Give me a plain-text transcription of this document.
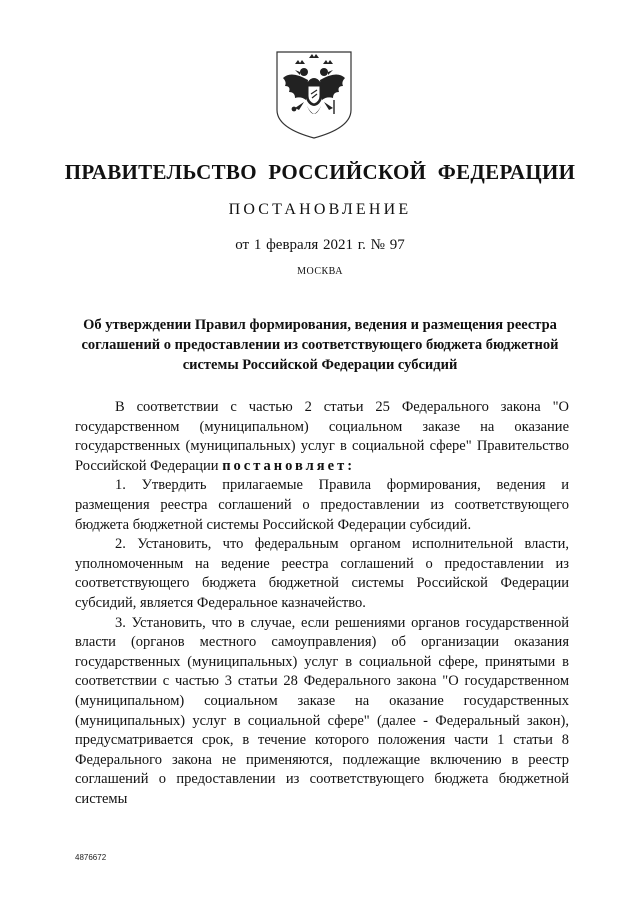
ПРАВИТЕЛЬСТВО РОССИЙСКОЙ ФЕДЕРАЦИИ
ПОСТАНОВЛЕНИЕ
от 1 февраля 2021 г. № 97
МОСКВА
Об утверждении Правил формирования, ведения и размещения реестра соглашений о предоставлении из соответствующего бюджета бюджетной системы Российской Федерации субсидий

В соответствии с частью 2 статьи 25 Федерального закона "О государственном (муниципальном) социальном заказе на оказание государственных (муниципальных) услуг в социальной сфере" Правительство Российской Федерации постановляет:

1. Утвердить прилагаемые Правила формирования, ведения и размещения реестра соглашений о предоставлении из соответствующего бюджета бюджетной системы Российской Федерации субсидий.

2. Установить, что федеральным органом исполнительной власти, уполномоченным на ведение реестра соглашений о предоставлении из соответствующего бюджета бюджетной системы Российской Федерации субсидий, является Федеральное казначейство.

3. Установить, что в случае, если решениями органов государственной власти (органов местного самоуправления) об организации оказания государственных (муниципальных) услуг в социальной сфере, принятыми в соответствии с частью 3 статьи 28 Федерального закона "О государственном (муниципальном) социальном заказе на оказание государственных (муниципальных) услуг в социальной сфере" (далее - Федеральный закон), предусматривается срок, в течение которого положения части 1 статьи 8 Федерального закона не применяются, подлежащие включению в реестр соглашений о предоставлении из соответствующего бюджета бюджетной системы

4876672
